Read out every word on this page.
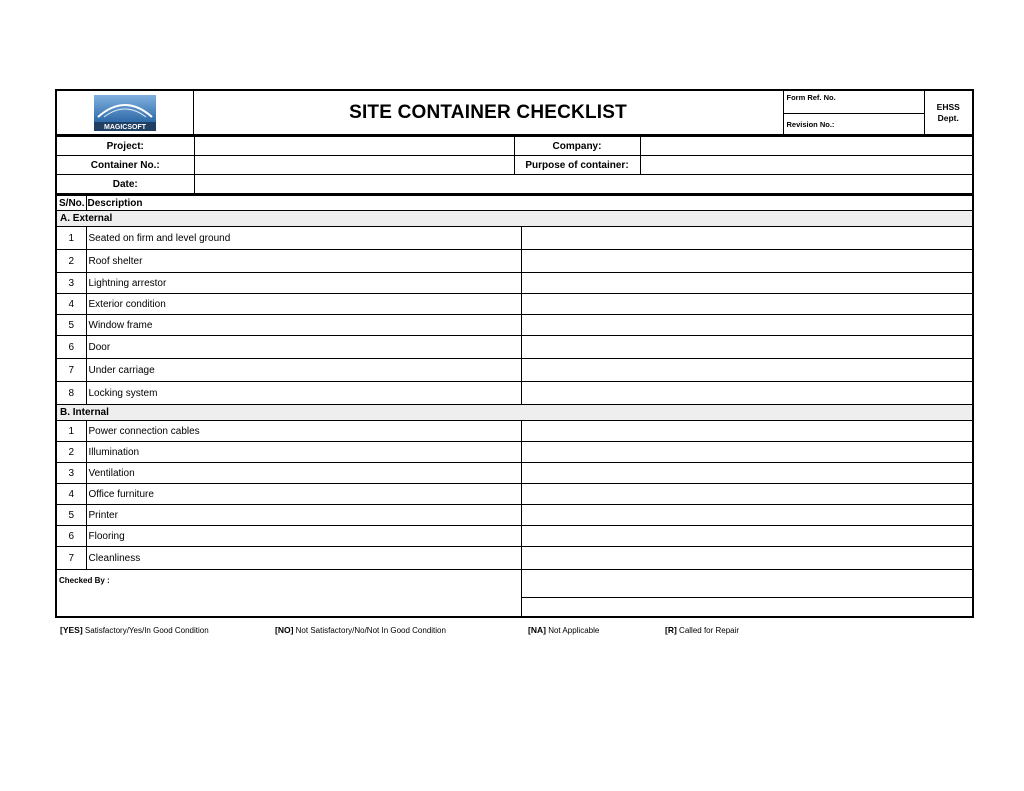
MAGICSOFT
	SITE CONTAINER CHECKLIST	Form Ref. No.	EHSS
Dept.
Revision No.:
Project:		Company:	
Container No.:		Purpose of container:	
Date:			
S/No.	Description	
A. External		
1	Seated on firm and level ground	
2	Roof shelter	
3	Lightning arrestor	
4	Exterior condition	
5	Window frame	
6	Door	
7	Under carriage	
8	Locking system	
B. Internal		
1	Power connection cables	
2	Illumination	
3	Ventilation	
4	Office furniture	
5	Printer	
6	Flooring	
7	Cleanliness	
Checked By :		

[YES] Satisfactory/Yes/In Good Condition	[NO] Not Satisfactory/No/Not In Good Condition	[NA] Not Applicable	[R] Called for Repair
